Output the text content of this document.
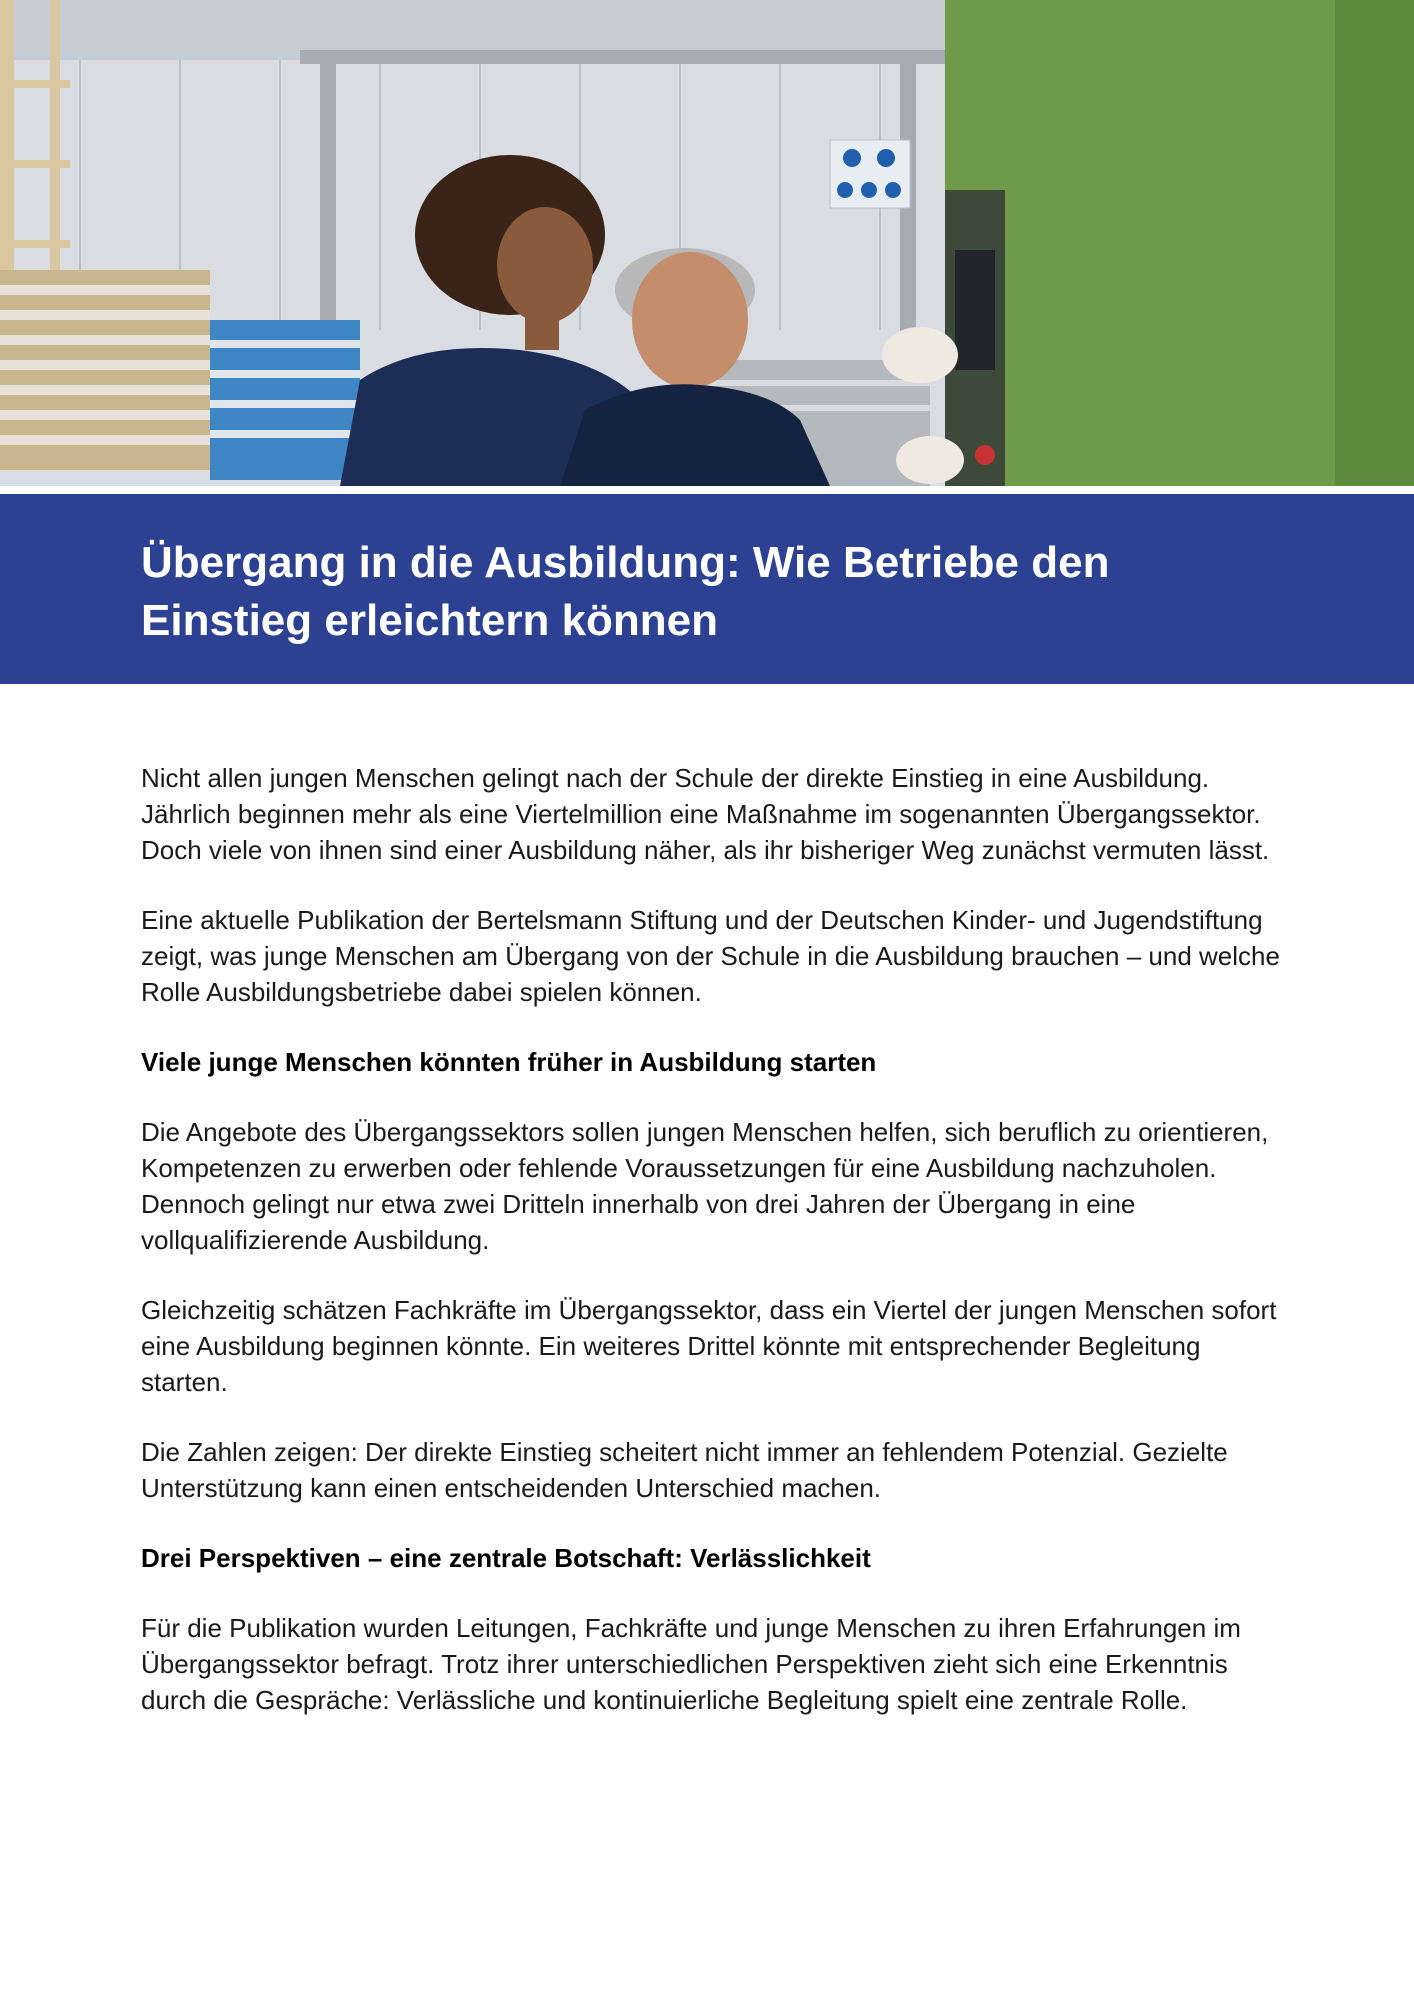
Übergang in die Ausbildung: Wie Betriebe den Einstieg erleichtern können

Nicht allen jungen Menschen gelingt nach der Schule der direkte Einstieg in eine Ausbildung. Jährlich beginnen mehr als eine Viertelmillion eine Maßnahme im sogenannten Übergangssektor. Doch viele von ihnen sind einer Ausbildung näher, als ihr bisheriger Weg zunächst vermuten lässt.

Eine aktuelle Publikation der Bertelsmann Stiftung und der Deutschen Kinder- und Jugendstiftung zeigt, was junge Menschen am Übergang von der Schule in die Ausbildung brauchen – und welche Rolle Ausbildungsbetriebe dabei spielen können.

Viele junge Menschen könnten früher in Ausbildung starten

Die Angebote des Übergangssektors sollen jungen Menschen helfen, sich beruflich zu orientieren, Kompetenzen zu erwerben oder fehlende Voraussetzungen für eine Ausbildung nachzuholen. Dennoch gelingt nur etwa zwei Dritteln innerhalb von drei Jahren der Übergang in eine vollqualifizierende Ausbildung.

Gleichzeitig schätzen Fachkräfte im Übergangssektor, dass ein Viertel der jungen Menschen sofort eine Ausbildung beginnen könnte. Ein weiteres Drittel könnte mit entsprechender Begleitung starten.

Die Zahlen zeigen: Der direkte Einstieg scheitert nicht immer an fehlendem Potenzial. Gezielte Unterstützung kann einen entscheidenden Unterschied machen.

Drei Perspektiven – eine zentrale Botschaft: Verlässlichkeit

Für die Publikation wurden Leitungen, Fachkräfte und junge Menschen zu ihren Erfahrungen im Übergangssektor befragt. Trotz ihrer unterschiedlichen Perspektiven zieht sich eine Erkenntnis durch die Gespräche: Verlässliche und kontinuierliche Begleitung spielt eine zentrale Rolle.
